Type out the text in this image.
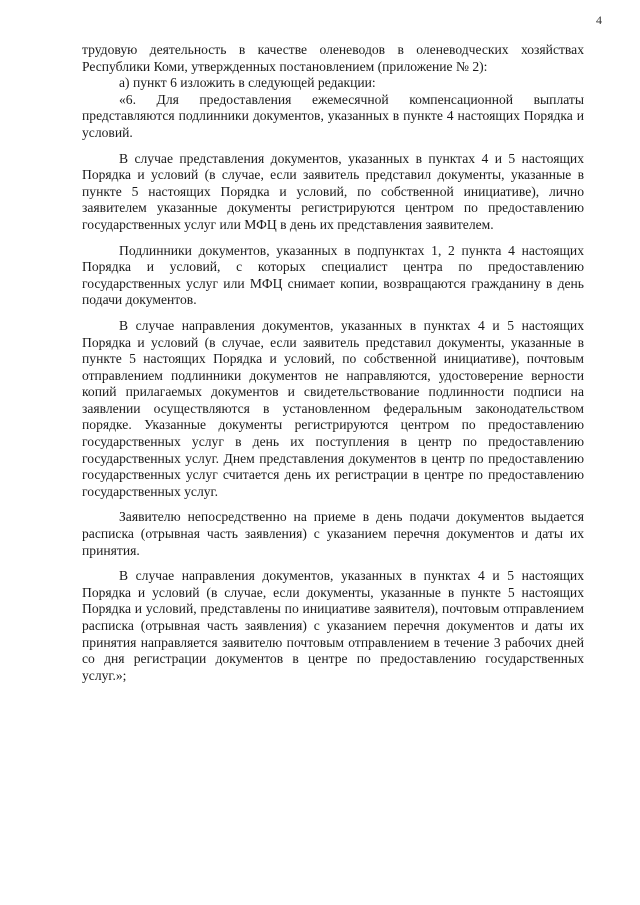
4

трудовую деятельность в качестве оленеводов в оленеводческих хозяйствах Республики Коми, утвержденных постановлением (приложение № 2):

а) пункт 6 изложить в следующей редакции:

«6. Для предоставления ежемесячной компенсационной выплаты представляются подлинники документов, указанных в пункте 4 настоящих Порядка и условий.

В случае представления документов, указанных в пунктах 4 и 5 настоящих Порядка и условий (в случае, если заявитель представил документы, указанные в пункте 5 настоящих Порядка и условий, по собственной инициативе), лично заявителем указанные документы регистрируются центром по предоставлению государственных услуг или МФЦ в день их представления заявителем.

Подлинники документов, указанных в подпунктах 1, 2 пункта 4 настоящих Порядка и условий, с которых специалист центра по предоставлению государственных услуг или МФЦ снимает копии, возвращаются гражданину в день подачи документов.

В случае направления документов, указанных в пунктах 4 и 5 настоящих Порядка и условий (в случае, если заявитель представил документы, указанные в пункте 5 настоящих Порядка и условий, по собственной инициативе), почтовым отправлением подлинники документов не направляются, удостоверение верности копий прилагаемых документов и свидетельствование подлинности подписи на заявлении осуществляются в установленном федеральным законодательством порядке. Указанные документы регистрируются центром по предоставлению государственных услуг в день их поступления в центр по предоставлению государственных услуг. Днем представления документов в центр по предоставлению государственных услуг считается день их регистрации в центре по предоставлению государственных услуг.

Заявителю непосредственно на приеме в день подачи документов выдается расписка (отрывная часть заявления) с указанием перечня документов и даты их принятия.

В случае направления документов, указанных в пунктах 4 и 5 настоящих Порядка и условий (в случае, если документы, указанные в пункте 5 настоящих Порядка и условий, представлены по инициативе заявителя), почтовым отправлением расписка (отрывная часть заявления) с указанием перечня документов и даты их принятия направляется заявителю почтовым отправлением в течение 3 рабочих дней со дня регистрации документов в центре по предоставлению государственных услуг.»;
